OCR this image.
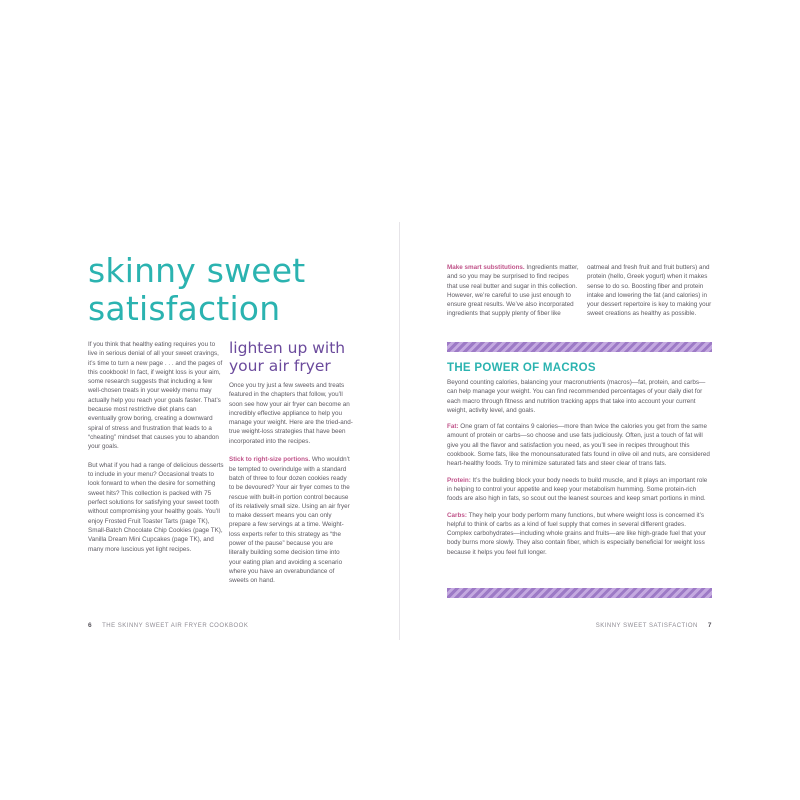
skinny sweet
satisfaction

If you think that healthy eating requires you to live in serious denial of all your sweet cravings, it’s time to turn a new page . . . and the pages of this cookbook! In fact, if weight loss is your aim, some research suggests that including a few well-chosen treats in your weekly menu may actually help you reach your goals faster. That’s because most restrictive diet plans can eventually grow boring, creating a downward spiral of stress and frustration that leads to a “cheating” mindset that causes you to abandon your goals.

But what if you had a range of delicious desserts to include in your menu? Occasional treats to look forward to when the desire for something sweet hits? This collection is packed with 75 perfect solutions for satisfying your sweet tooth without compromising your healthy goals. You’ll enjoy Frosted Fruit Toaster Tarts (page TK), Small-Batch Chocolate Chip Cookies (page TK), Vanilla Dream Mini Cupcakes (page TK), and many more luscious yet light recipes.

lighten up with your air fryer

Once you try just a few sweets and treats featured in the chapters that follow, you’ll soon see how your air fryer can become an incredibly effective appliance to help you manage your weight. Here are the tried-and-true weight-loss strategies that have been incorporated into the recipes.

Stick to right-size portions. Who wouldn’t be tempted to overindulge with a standard batch of three to four dozen cookies ready to be devoured? Your air fryer comes to the rescue with built-in portion control because of its relatively small size. Using an air fryer to make dessert means you can only prepare a few servings at a time. Weight-loss experts refer to this strategy as “the power of the pause” because you are literally building some decision time into your eating plan and avoiding a scenario where you have an overabundance of sweets on hand.

6 THE SKINNY SWEET AIR FRYER COOKBOOK
Make smart substitutions. Ingredients matter, and so you may be surprised to find recipes that use real butter and sugar in this collection. However, we’re careful to use just enough to ensure great results. We’ve also incorporated ingredients that supply plenty of fiber like
oatmeal and fresh fruit and fruit butters) and protein (hello, Greek yogurt) when it makes sense to do so. Boosting fiber and protein intake and lowering the fat (and calories) in your dessert repertoire is key to making your sweet creations as healthy as possible.
THE POWER OF MACROS

Beyond counting calories, balancing your macronutrients (macros)—fat, protein, and carbs—can help manage your weight. You can find recommended percentages of your daily diet for each macro through fitness and nutrition tracking apps that take into account your current weight, activity level, and goals.

Fat: One gram of fat contains 9 calories—more than twice the calories you get from the same amount of protein or carbs—so choose and use fats judiciously. Often, just a touch of fat will give you all the flavor and satisfaction you need, as you’ll see in recipes throughout this cookbook. Some fats, like the monounsaturated fats found in olive oil and nuts, are considered heart-healthy foods. Try to minimize saturated fats and steer clear of trans fats.

Protein: It’s the building block your body needs to build muscle, and it plays an important role in helping to control your appetite and keep your metabolism humming. Some protein-rich foods are also high in fats, so scout out the leanest sources and keep smart portions in mind.

Carbs: They help your body perform many functions, but where weight loss is concerned it’s helpful to think of carbs as a kind of fuel supply that comes in several different grades. Complex carbohydrates—including whole grains and fruits—are like high-grade fuel that your body burns more slowly. They also contain fiber, which is especially beneficial for weight loss because it helps you feel full longer.

SKINNY SWEET SATISFACTION 7
